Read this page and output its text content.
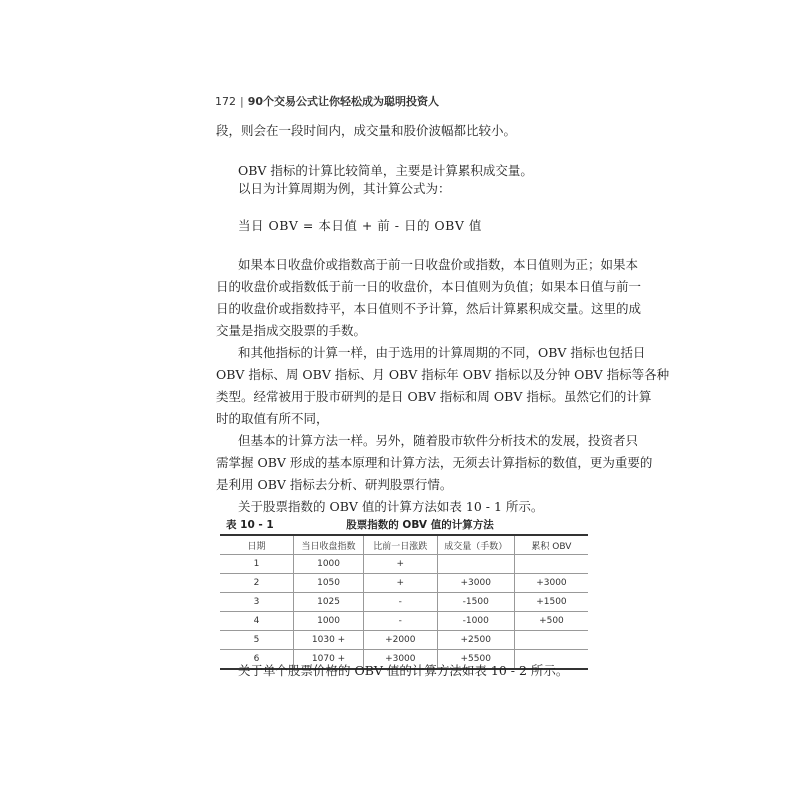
172 | 90个交易公式让你轻松成为聪明投资人
段，则会在一段时间内，成交量和股价波幅都比较小。
OBV 指标的计算比较简单，主要是计算累积成交量。
以日为计算周期为例，其计算公式为：
当日 OBV = 本日值 + 前 - 日的 OBV 值
如果本日收盘价或指数高于前一日收盘价或指数，本日值则为正；如果本
日的收盘价或指数低于前一日的收盘价，本日值则为负值；如果本日值与前一
日的收盘价或指数持平，本日值则不予计算，然后计算累积成交量。这里的成
交量是指成交股票的手数。
和其他指标的计算一样，由于选用的计算周期的不同，OBV 指标也包括日
OBV 指标、周 OBV 指标、月 OBV 指标年 OBV 指标以及分钟 OBV 指标等各种
类型。经常被用于股市研判的是日 OBV 指标和周 OBV 指标。虽然它们的计算
时的取值有所不同，
但基本的计算方法一样。另外，随着股市软件分析技术的发展，投资者只
需掌握 OBV 形成的基本原理和计算方法，无须去计算指标的数值，更为重要的
是利用 OBV 指标去分析、研判股票行情。
关于股票指数的 OBV 值的计算方法如表 10 - 1 所示。
表 10 - 1	股票指数的 OBV 值的计算方法
日期	当日收盘指数	比前一日涨跌	成交量（手数）	累积 OBV
1	1000	+		
2	1050	+	+3000	+3000
3	1025	-	-1500	+1500
4	1000	-	-1000	+500
5	1030 +	+2000	+2500	
6	1070 +	+3000	+5500	
关于单个股票价格的 OBV 值的计算方法如表 10 - 2 所示。
